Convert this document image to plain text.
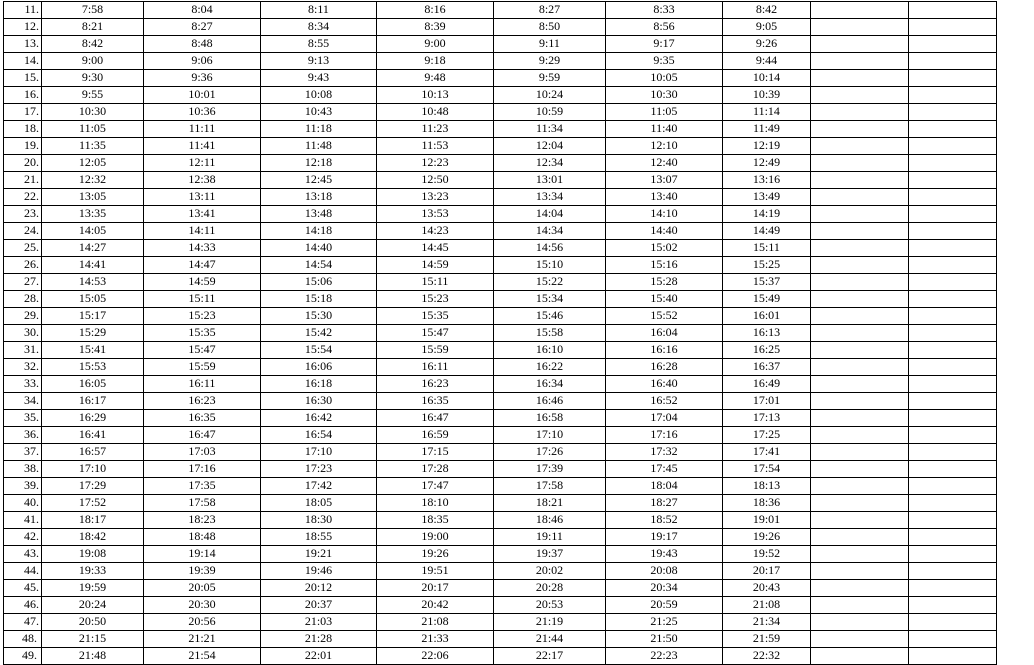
11.	7:58	8:04	8:11	8:16	8:27	8:33	8:42		
12.	8:21	8:27	8:34	8:39	8:50	8:56	9:05		
13.	8:42	8:48	8:55	9:00	9:11	9:17	9:26		
14.	9:00	9:06	9:13	9:18	9:29	9:35	9:44		
15.	9:30	9:36	9:43	9:48	9:59	10:05	10:14		
16.	9:55	10:01	10:08	10:13	10:24	10:30	10:39		
17.	10:30	10:36	10:43	10:48	10:59	11:05	11:14		
18.	11:05	11:11	11:18	11:23	11:34	11:40	11:49		
19.	11:35	11:41	11:48	11:53	12:04	12:10	12:19		
20.	12:05	12:11	12:18	12:23	12:34	12:40	12:49		
21.	12:32	12:38	12:45	12:50	13:01	13:07	13:16		
22.	13:05	13:11	13:18	13:23	13:34	13:40	13:49		
23.	13:35	13:41	13:48	13:53	14:04	14:10	14:19		
24.	14:05	14:11	14:18	14:23	14:34	14:40	14:49		
25.	14:27	14:33	14:40	14:45	14:56	15:02	15:11		
26.	14:41	14:47	14:54	14:59	15:10	15:16	15:25		
27.	14:53	14:59	15:06	15:11	15:22	15:28	15:37		
28.	15:05	15:11	15:18	15:23	15:34	15:40	15:49		
29.	15:17	15:23	15:30	15:35	15:46	15:52	16:01		
30.	15:29	15:35	15:42	15:47	15:58	16:04	16:13		
31.	15:41	15:47	15:54	15:59	16:10	16:16	16:25		
32.	15:53	15:59	16:06	16:11	16:22	16:28	16:37		
33.	16:05	16:11	16:18	16:23	16:34	16:40	16:49		
34.	16:17	16:23	16:30	16:35	16:46	16:52	17:01		
35.	16:29	16:35	16:42	16:47	16:58	17:04	17:13		
36.	16:41	16:47	16:54	16:59	17:10	17:16	17:25		
37.	16:57	17:03	17:10	17:15	17:26	17:32	17:41		
38.	17:10	17:16	17:23	17:28	17:39	17:45	17:54		
39.	17:29	17:35	17:42	17:47	17:58	18:04	18:13		
40.	17:52	17:58	18:05	18:10	18:21	18:27	18:36		
41.	18:17	18:23	18:30	18:35	18:46	18:52	19:01		
42.	18:42	18:48	18:55	19:00	19:11	19:17	19:26		
43.	19:08	19:14	19:21	19:26	19:37	19:43	19:52		
44.	19:33	19:39	19:46	19:51	20:02	20:08	20:17		
45.	19:59	20:05	20:12	20:17	20:28	20:34	20:43		
46.	20:24	20:30	20:37	20:42	20:53	20:59	21:08		
47.	20:50	20:56	21:03	21:08	21:19	21:25	21:34		
48.	21:15	21:21	21:28	21:33	21:44	21:50	21:59		
49.	21:48	21:54	22:01	22:06	22:17	22:23	22:32		
